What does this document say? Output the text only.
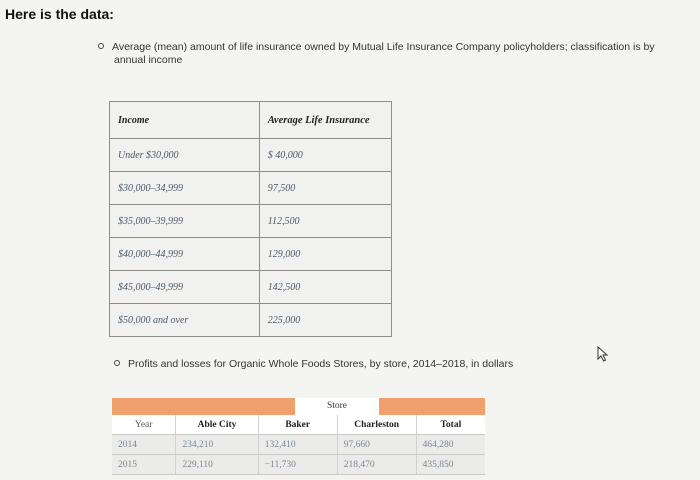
Here is the data:
Average (mean) amount of life insurance owned by Mutual Life Insurance Company policyholders; classification is by
annual income
Income	Average Life Insurance
Under $30,000	$ 40,000
$30,000–34,999	97,500
$35,000–39,999	112,500
$40,000–44,999	129,000
$45,000–49,999	142,500
$50,000 and over	225,000
Profits and losses for Organic Whole Foods Stores, by store, 2014–2018, in dollars
Store
Year	Able City	Baker	Charleston	Total
2014	234,210	132,410	97,660	464,280
2015	229,110	−11,730	218,470	435,850
